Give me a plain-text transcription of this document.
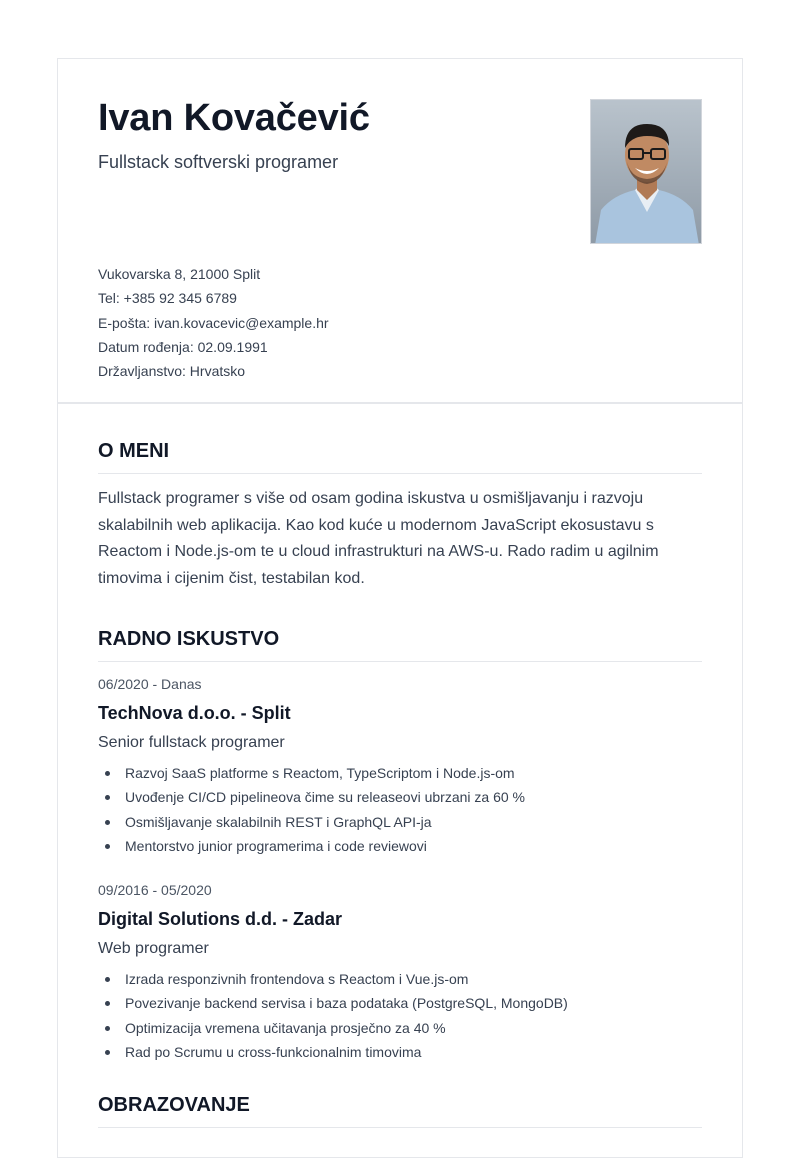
Ivan Kovačević
Fullstack softverski programer
Vukovarska 8, 21000 Split
Tel: +385 92 345 6789
E-pošta: ivan.kovacevic@example.hr
Datum rođenja: 02.09.1991
Državljanstvo: Hrvatsko
O MENI

Fullstack programer s više od osam godina iskustva u osmišljavanju i razvoju skalabilnih web aplikacija. Kao kod kuće u modernom JavaScript ekosustavu s Reactom i Node.js-om te u cloud infrastrukturi na AWS-u. Rado radim u agilnim timovima i cijenim čist, testabilan kod.

RADNO ISKUSTVO
06/2020 - Danas
TechNova d.o.o. - Split
Senior fullstack programer
Razvoj SaaS platforme s Reactom, TypeScriptom i Node.js-om
Uvođenje CI/CD pipelineova čime su releaseovi ubrzani za 60 %
Osmišljavanje skalabilnih REST i GraphQL API-ja
Mentorstvo junior programerima i code reviewovi
09/2016 - 05/2020
Digital Solutions d.d. - Zadar
Web programer
Izrada responzivnih frontendova s Reactom i Vue.js-om
Povezivanje backend servisa i baza podataka (PostgreSQL, MongoDB)
Optimizacija vremena učitavanja prosječno za 40 %
Rad po Scrumu u cross-funkcionalnim timovima
OBRAZOVANJE
